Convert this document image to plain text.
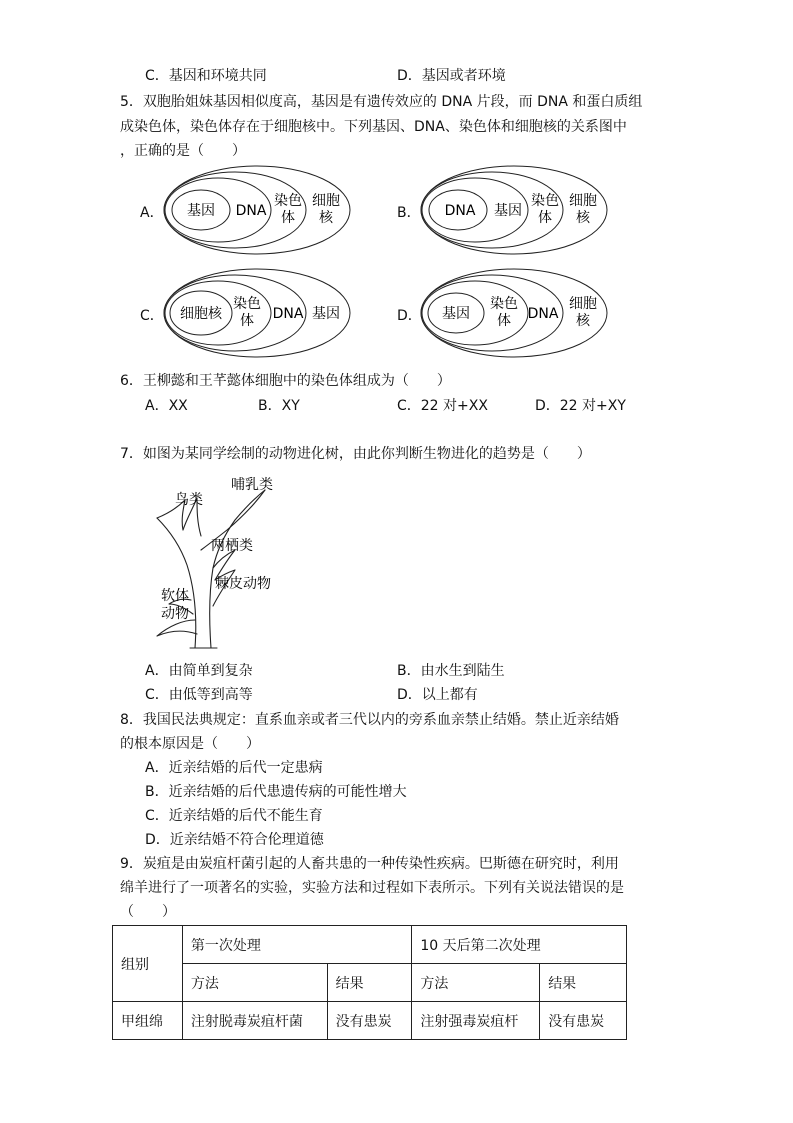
C．基因和环境共同	D．基因或者环境
5．双胞胎姐妹基因相似度高，基因是有遗传效应的 DNA 片段，而 DNA 和蛋白质组
成染色体，染色体存在于细胞核中。下列基因、DNA、染色体和细胞核的关系图中
，正确的是（　　）
A． 基因 DNA
染色
体
细胞
核	B． DNA 基因
染色
体
细胞
核
C． 细胞核
染色
体 DNA 基因	D． 基因
染色
体 DNA
细胞
核
6．王柳懿和王芊懿体细胞中的染色体组成为（　　）
A．XX	B．XY	C．22 对+XX	D．22 对+XY
7．如图为某同学绘制的动物进化树，由此你判断生物进化的趋势是（　　）
哺乳类
鸟类
两栖类
棘皮动物
软体
动物
A．由简单到复杂	B．由水生到陆生
C．由低等到高等	D．以上都有
8．我国民法典规定：直系血亲或者三代以内的旁系血亲禁止结婚。禁止近亲结婚
的根本原因是（　　）
A．近亲结婚的后代一定患病
B．近亲结婚的后代患遗传病的可能性增大
C．近亲结婚的后代不能生育
D．近亲结婚不符合伦理道德
9．炭疽是由炭疽杆菌引起的人畜共患的一种传染性疾病。巴斯德在研究时，利用
绵羊进行了一项著名的实验，实验方法和过程如下表所示。下列有关说法错误的是
（　　）
组别	第一次处理		10 天后第二次处理	
	方法	结果	方法	结果
甲组绵	注射脱毒炭疽杆菌	没有患炭	注射强毒炭疽杆	没有患炭
